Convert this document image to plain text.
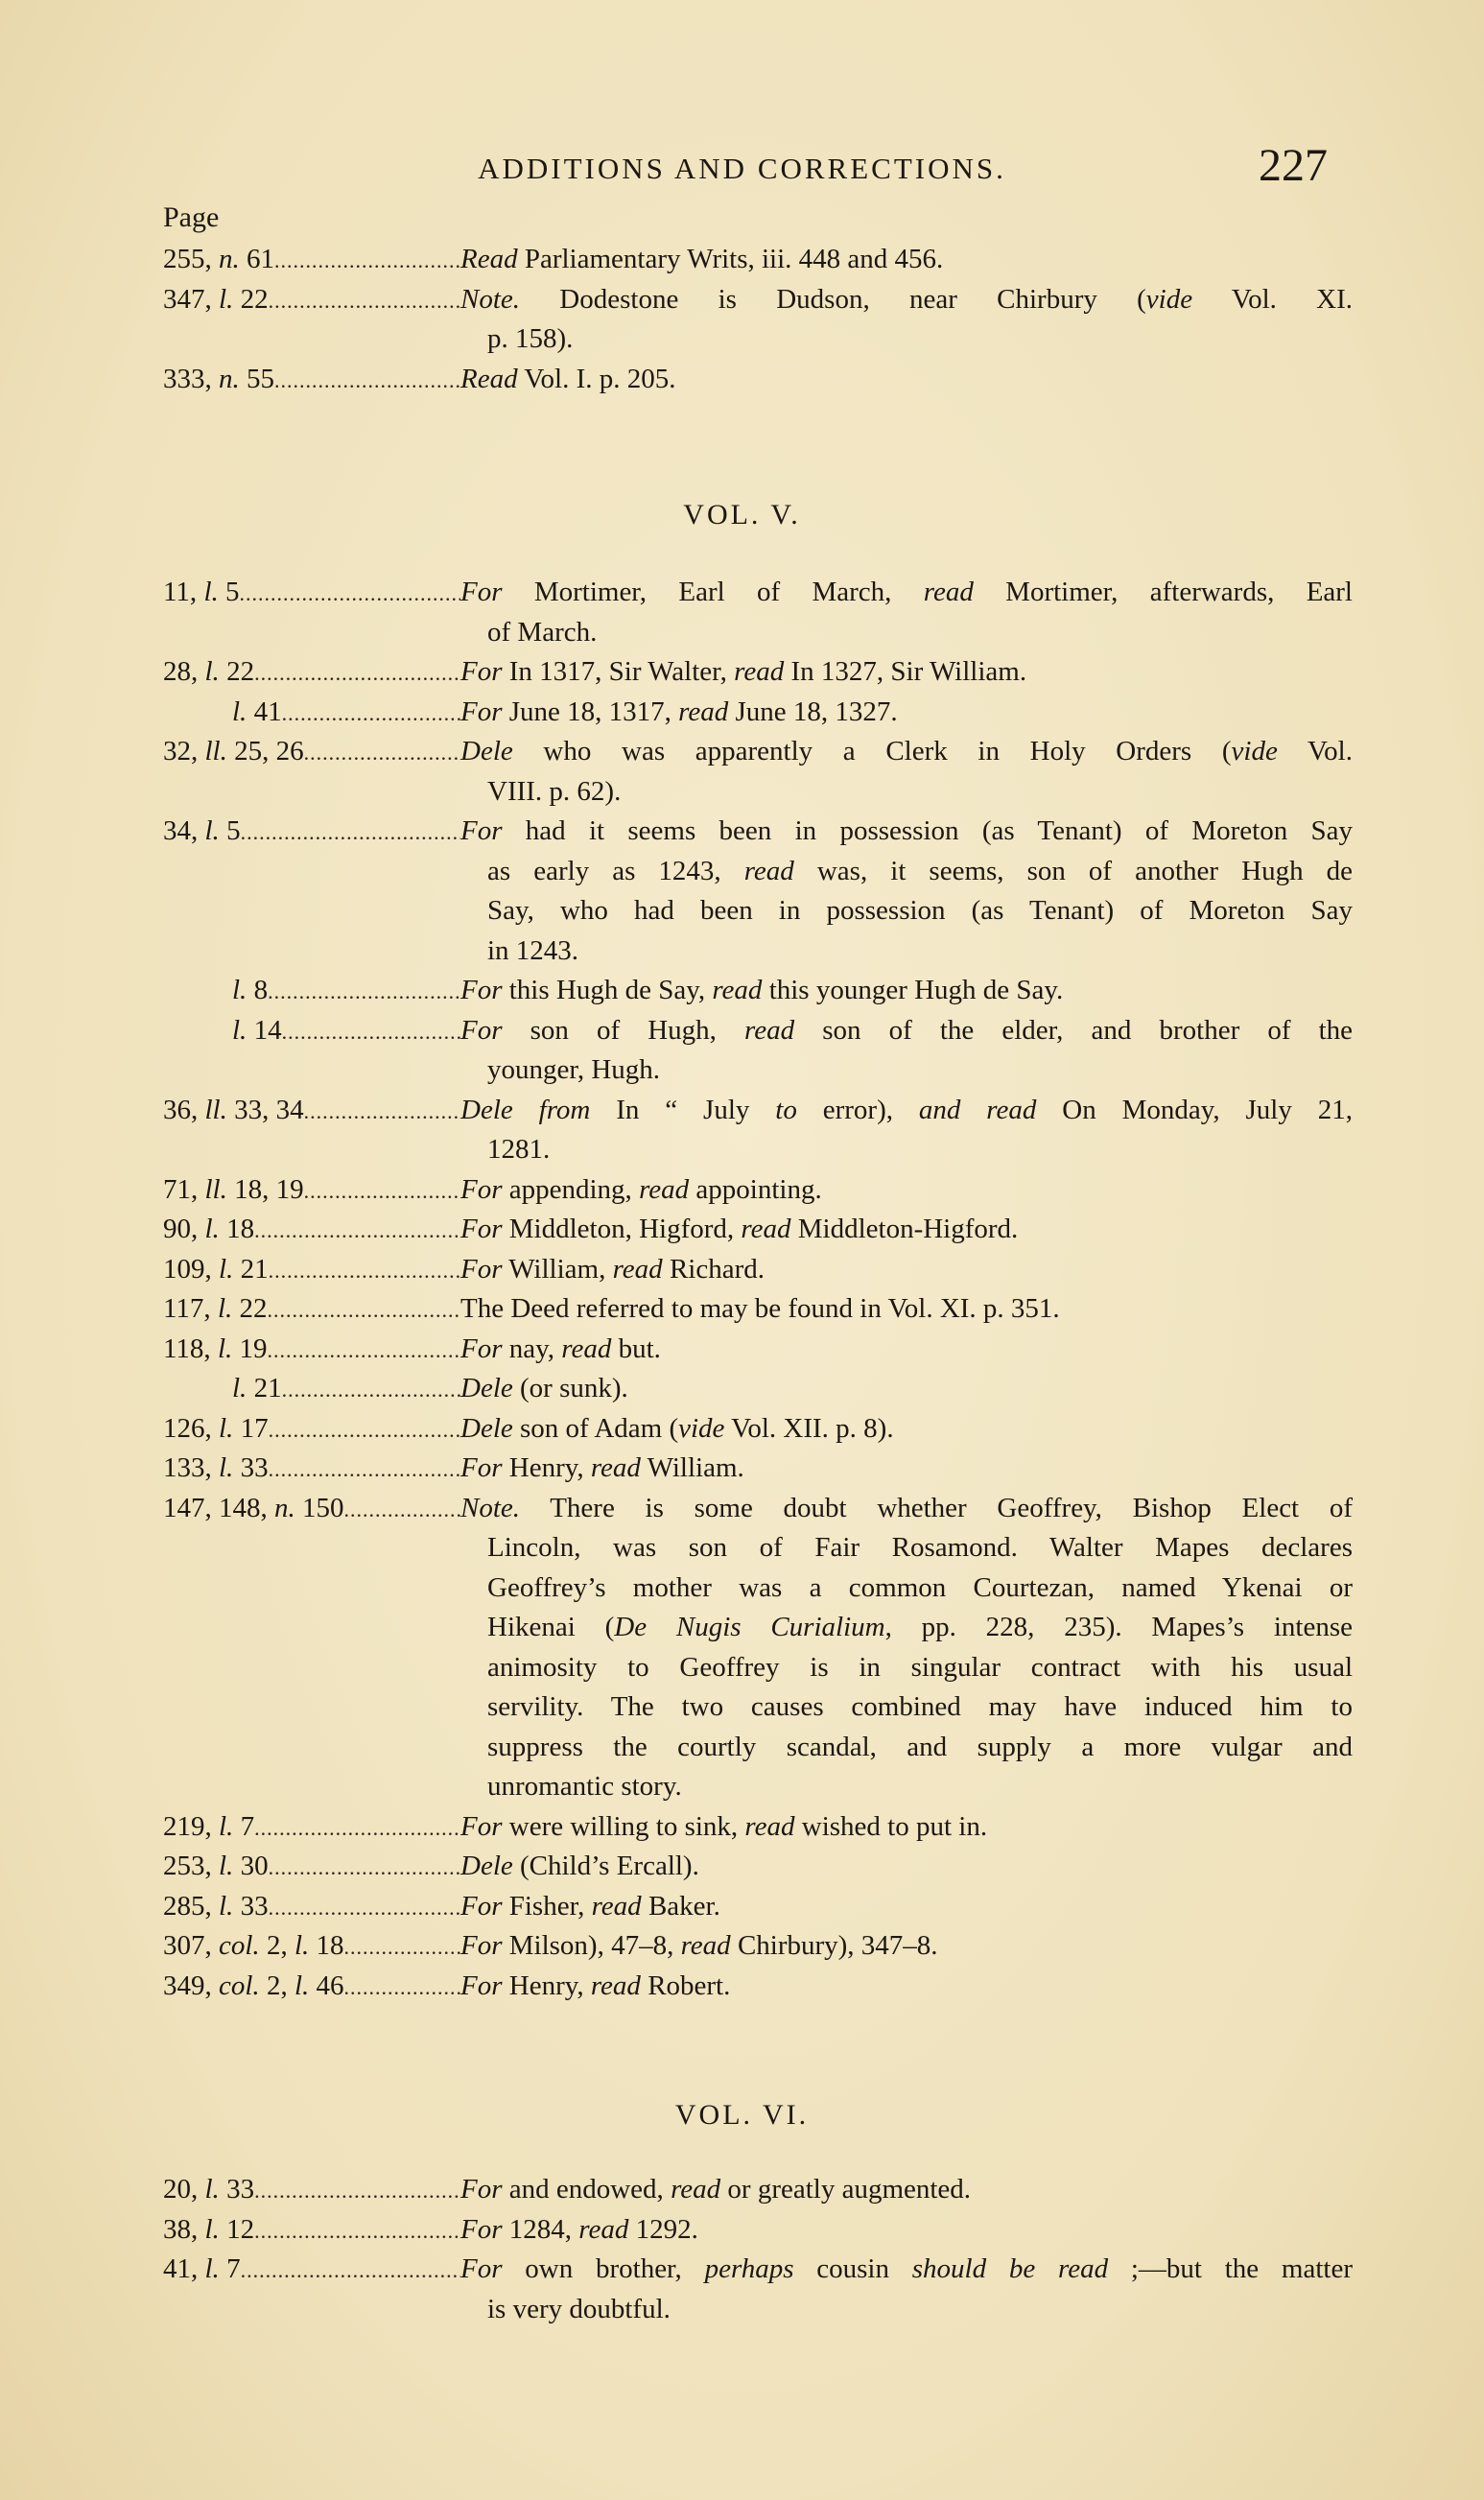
ADDITIONS AND CORRECTIONS.	227
Page
255, n. 61 .....	Read Parliamentary Writs, iii. 448 and 456.

347, l. 22 .....	Note. Dodestone is Dudson, near Chirbury (vide Vol. XI.

p. 158).

333, n. 55 .....	Read Vol. I. p. 205.

VOL. V.
11, l. 5 .....	For Mortimer, Earl of March, read Mortimer, afterwards, Earl

of March.

28, l. 22 .....	For In 1317, Sir Walter, read In 1327, Sir William.

l. 41 .....	For June 18, 1317, read June 18, 1327.

32, ll. 25, 26 .....	Dele who was apparently a Clerk in Holy Orders (vide Vol.

VIII. p. 62).

34, l. 5 .....	For had it seems been in possession (as Tenant) of Moreton Say

as early as 1243, read was, it seems, son of another Hugh de

Say, who had been in possession (as Tenant) of Moreton Say

in 1243.

l. 8 .....	For this Hugh de Say, read this younger Hugh de Say.

l. 14 .....	For son of Hugh, read son of the elder, and brother of the

younger, Hugh.

36, ll. 33, 34 .....	Dele from In “ July to error), and read On Monday, July 21,

1281.

71, ll. 18, 19 .....	For appending, read appointing.

90, l. 18 .....	For Middleton, Higford, read Middleton-Higford.

109, l. 21 .....	For William, read Richard.

117, l. 22 .....	The Deed referred to may be found in Vol. XI. p. 351.

118, l. 19 .....	For nay, read but.

l. 21 .....	Dele (or sunk).

126, l. 17 .....	Dele son of Adam (vide Vol. XII. p. 8).

133, l. 33 .....	For Henry, read William.

147, 148, n. 150 .....	Note. There is some doubt whether Geoffrey, Bishop Elect of

Lincoln, was son of Fair Rosamond. Walter Mapes declares

Geoffrey’s mother was a common Courtezan, named Ykenai or

Hikenai (De Nugis Curialium, pp. 228, 235). Mapes’s intense

animosity to Geoffrey is in singular contract with his usual

servility. The two causes combined may have induced him to

suppress the courtly scandal, and supply a more vulgar and

unromantic story.

219, l. 7 .....	For were willing to sink, read wished to put in.

253, l. 30 .....	Dele (Child’s Ercall).

285, l. 33 .....	For Fisher, read Baker.

307, col. 2, l. 18 .....	For Milson), 47–8, read Chirbury), 347–8.

349, col. 2, l. 46 .....	For Henry, read Robert.

VOL. VI.
20, l. 33 .....	For and endowed, read or greatly augmented.

38, l. 12 .....	For 1284, read 1292.

41, l. 7 .....	For own brother, perhaps cousin should be read ;—but the matter

is very doubtful.
